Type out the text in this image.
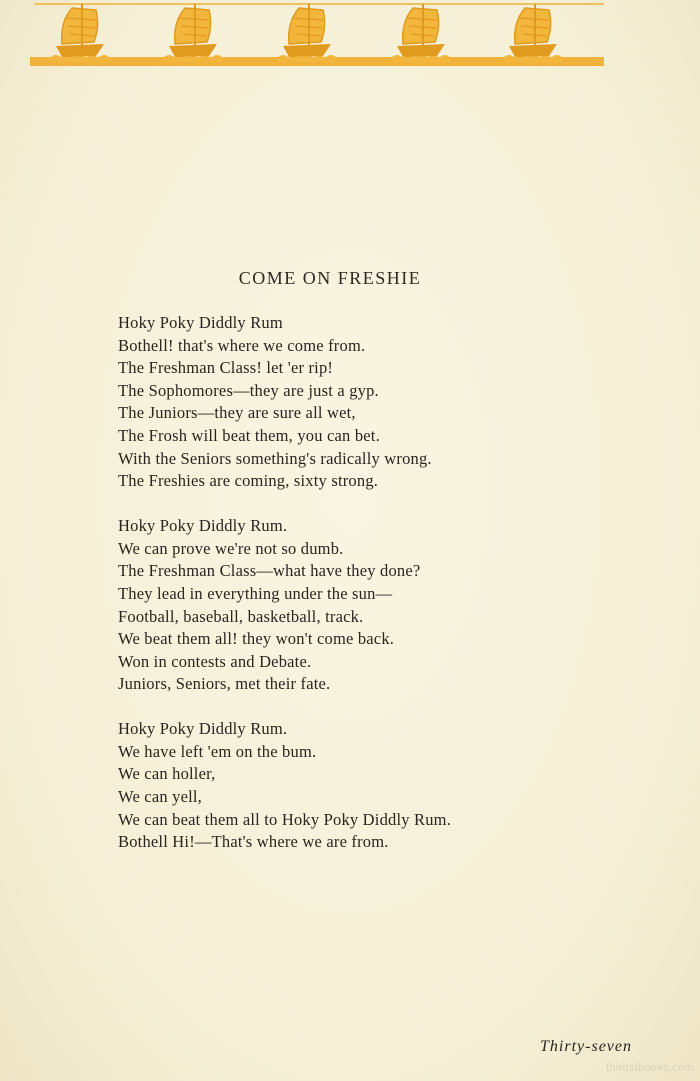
COME ON FRESHIE
Hoky Poky Diddly Rum
Bothell! that's where we come from.
The Freshman Class! let 'er rip!
The Sophomores—they are just a gyp.
The Juniors—they are sure all wet,
The Frosh will beat them, you can bet.
With the Seniors something's radically wrong.
The Freshies are coming, sixty strong.
Hoky Poky Diddly Rum.
We can prove we're not so dumb.
The Freshman Class—what have they done?
They lead in everything under the sun—
Football, baseball, basketball, track.
We beat them all! they won't come back.
Won in contests and Debate.
Juniors, Seniors, met their fate.
Hoky Poky Diddly Rum.
We have left 'em on the bum.
We can holler,
We can yell,
We can beat them all to Hoky Poky Diddly Rum.
Bothell Hi!—That's where we are from.
Thirty-seven
thirdstbooks.com
